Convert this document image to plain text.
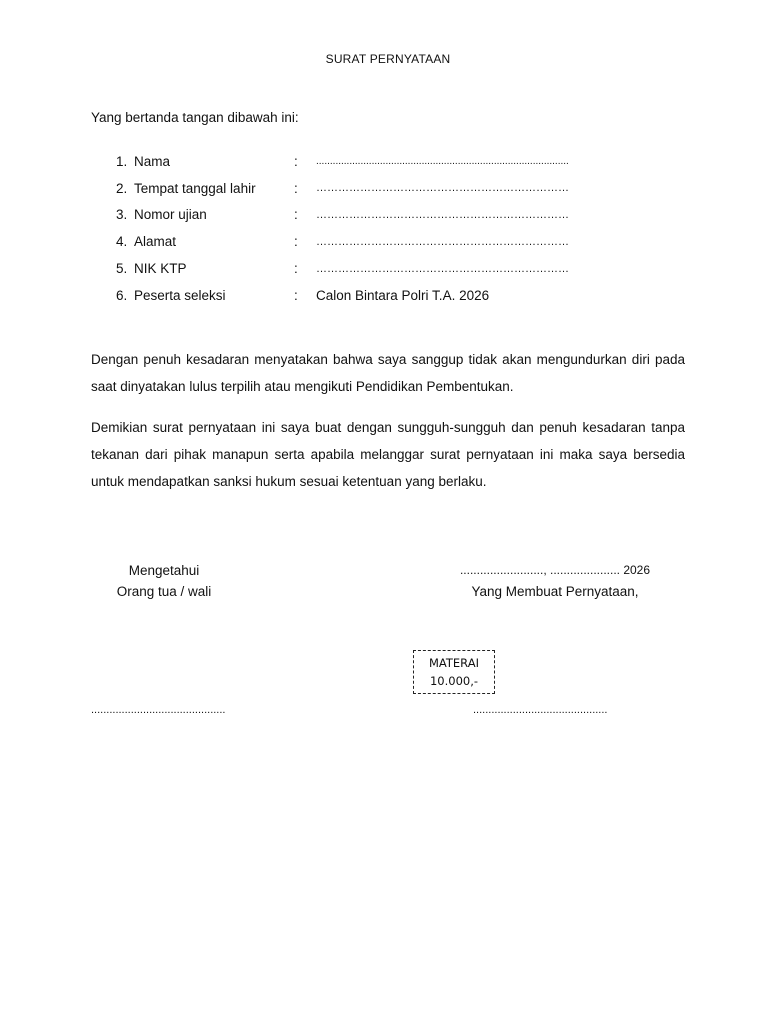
SURAT PERNYATAAN
Yang bertanda tangan dibawah ini:
1. Nama	:	...........................................................................................
2. Tempat tanggal lahir	:	……………………………………………………………
3. Nomor ujian	:	……………………………………………………………
4. Alamat	:	……………………………………………………………
5. NIK KTP	:	……………………………………………………………
6. Peserta seleksi	:	Calon Bintara Polri T.A. 2026
Dengan penuh kesadaran menyatakan bahwa saya sanggup tidak akan mengundurkan diri pada saat dinyatakan lulus terpilih atau mengikuti Pendidikan Pembentukan.
Demikian surat pernyataan ini saya buat dengan sungguh-sungguh dan penuh kesadaran tanpa tekanan dari pihak manapun serta apabila melanggar surat pernyataan ini maka saya bersedia untuk mendapatkan sanksi hukum sesuai ketentuan yang berlaku.
Mengetahui
Orang tua / wali
........................., ..................... 2026
Yang Membuat Pernyataan,
MATERAI
10.000,-
............................................	............................................
